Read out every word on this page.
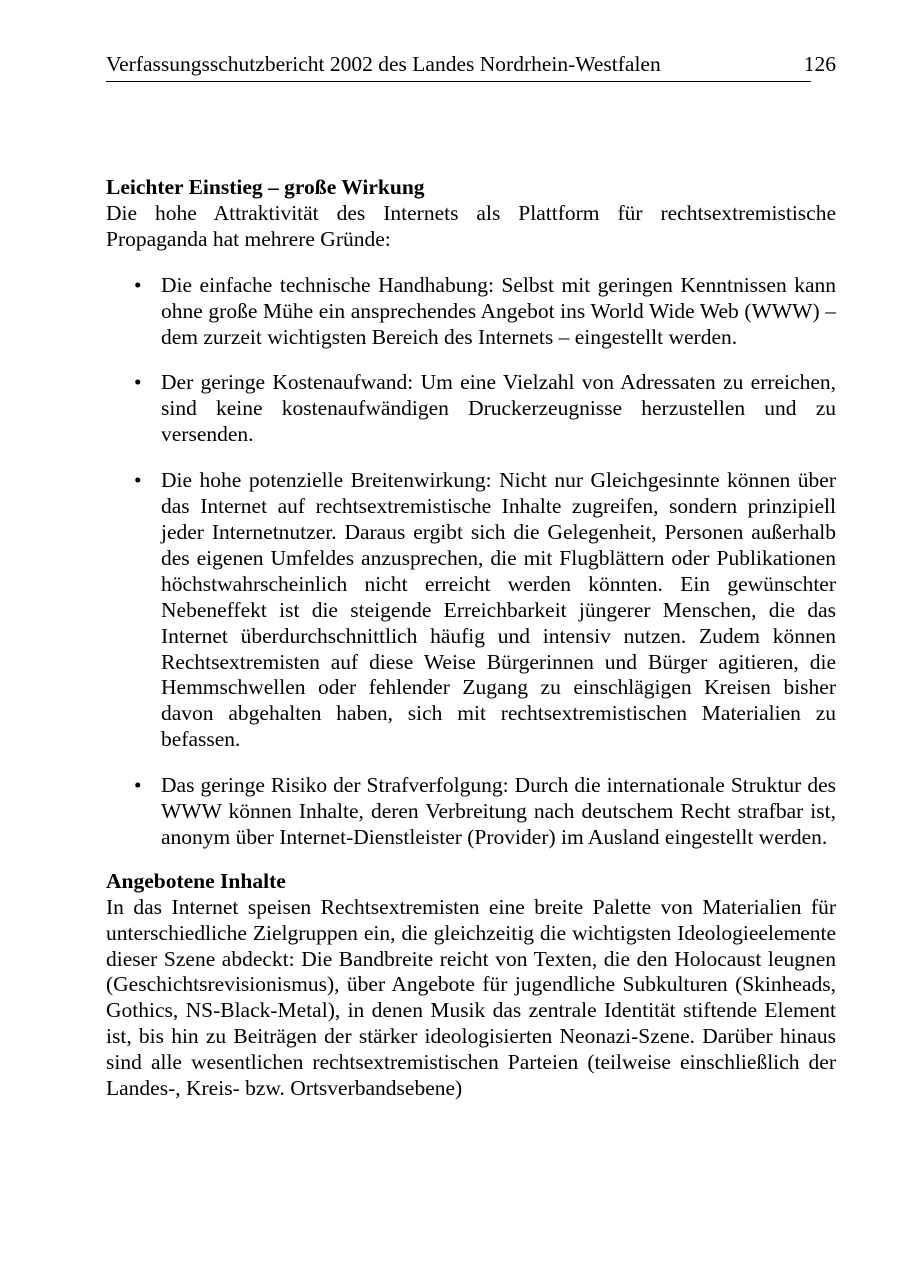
Verfassungsschutzbericht 2002 des Landes Nordrhein-Westfalen	126

Leichter Einstieg – große Wirkung

Die hohe Attraktivität des Internets als Plattform für rechtsextremistische Propaganda hat mehrere Gründe:

• Die einfache technische Handhabung: Selbst mit geringen Kenntnissen kann ohne große Mühe ein ansprechendes Angebot ins World Wide Web (WWW) – dem zurzeit wichtigsten Bereich des Internets – eingestellt werden.
• Der geringe Kostenaufwand: Um eine Vielzahl von Adressaten zu erreichen, sind keine kostenaufwändigen Druckerzeugnisse herzustellen und zu versenden.
• Die hohe potenzielle Breitenwirkung: Nicht nur Gleichgesinnte können über das Internet auf rechtsextremistische Inhalte zugreifen, sondern prinzipiell jeder Internetnutzer. Daraus ergibt sich die Gelegenheit, Personen außerhalb des eigenen Umfeldes anzusprechen, die mit Flugblättern oder Publikationen höchstwahrscheinlich nicht erreicht werden könnten. Ein gewünschter Nebeneffekt ist die steigende Erreichbarkeit jüngerer Menschen, die das Internet überdurchschnittlich häufig und intensiv nutzen. Zudem können Rechtsextremisten auf diese Weise Bürgerinnen und Bürger agitieren, die Hemmschwellen oder fehlender Zugang zu einschlägigen Kreisen bisher davon abgehalten haben, sich mit rechtsextremistischen Materialien zu befassen.
• Das geringe Risiko der Strafverfolgung: Durch die internationale Struktur des WWW können Inhalte, deren Verbreitung nach deutschem Recht strafbar ist, anonym über Internet-Dienstleister (Provider) im Ausland eingestellt werden.

Angebotene Inhalte

In das Internet speisen Rechtsextremisten eine breite Palette von Materialien für unterschiedliche Zielgruppen ein, die gleichzeitig die wichtigsten Ideologieelemente dieser Szene abdeckt: Die Bandbreite reicht von Texten, die den Holocaust leugnen (Geschichtsrevisionismus), über Angebote für jugendliche Subkulturen (Skinheads, Gothics, NS-Black-Metal), in denen Musik das zentrale Identität stiftende Element ist, bis hin zu Beiträgen der stärker ideologisierten Neonazi-Szene. Darüber hinaus sind alle wesentlichen rechtsextremistischen Parteien (teilweise einschließlich der Landes-, Kreis- bzw. Ortsverbandsebene)
